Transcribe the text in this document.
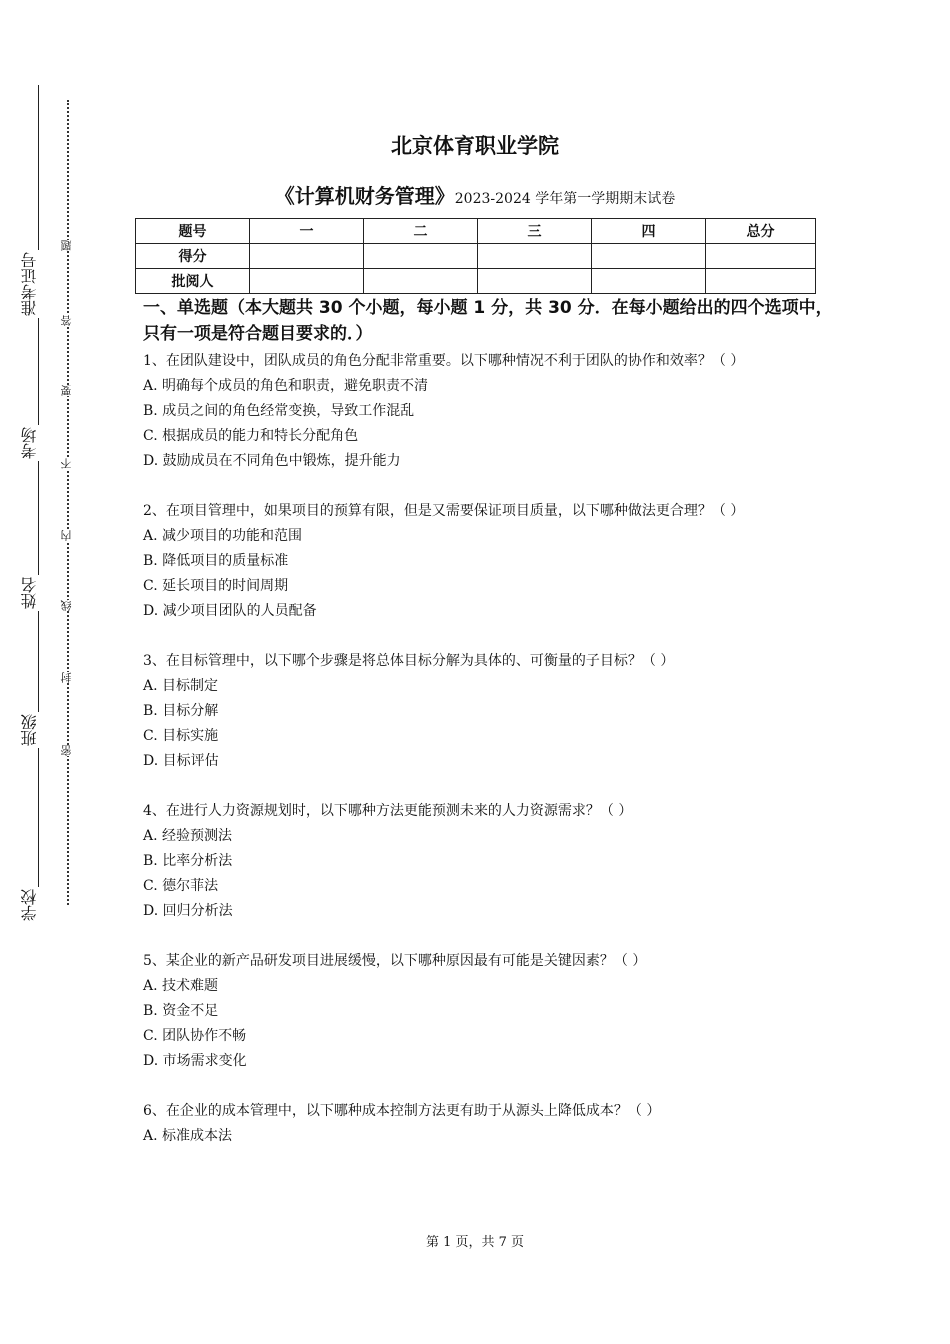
准考证号
考场
姓名
班级
学校
题
答
要
不
内
线
封
密
北京体育职业学院
《计算机财务管理》2023-2024 学年第一学期期末试卷
题号	一	二	三	四	总分
得分					
批阅人					
一、单选题（本大题共 30 个小题，每小题 1 分，共 30 分．在每小题给出的四个选项中，只有一项是符合题目要求的．）
1、在团队建设中，团队成员的角色分配非常重要。以下哪种情况不利于团队的协作和效率？（ ）
A. 明确每个成员的角色和职责，避免职责不清
B. 成员之间的角色经常变换，导致工作混乱
C. 根据成员的能力和特长分配角色
D. 鼓励成员在不同角色中锻炼，提升能力
2、在项目管理中，如果项目的预算有限，但是又需要保证项目质量，以下哪种做法更合理？（ ）
A. 减少项目的功能和范围
B. 降低项目的质量标准
C. 延长项目的时间周期
D. 减少项目团队的人员配备
3、在目标管理中，以下哪个步骤是将总体目标分解为具体的、可衡量的子目标？（ ）
A. 目标制定
B. 目标分解
C. 目标实施
D. 目标评估
4、在进行人力资源规划时，以下哪种方法更能预测未来的人力资源需求？（ ）
A. 经验预测法
B. 比率分析法
C. 德尔菲法
D. 回归分析法
5、某企业的新产品研发项目进展缓慢，以下哪种原因最有可能是关键因素？（ ）
A. 技术难题
B. 资金不足
C. 团队协作不畅
D. 市场需求变化
6、在企业的成本管理中，以下哪种成本控制方法更有助于从源头上降低成本？（ ）
A. 标准成本法
第 1 页，共 7 页
